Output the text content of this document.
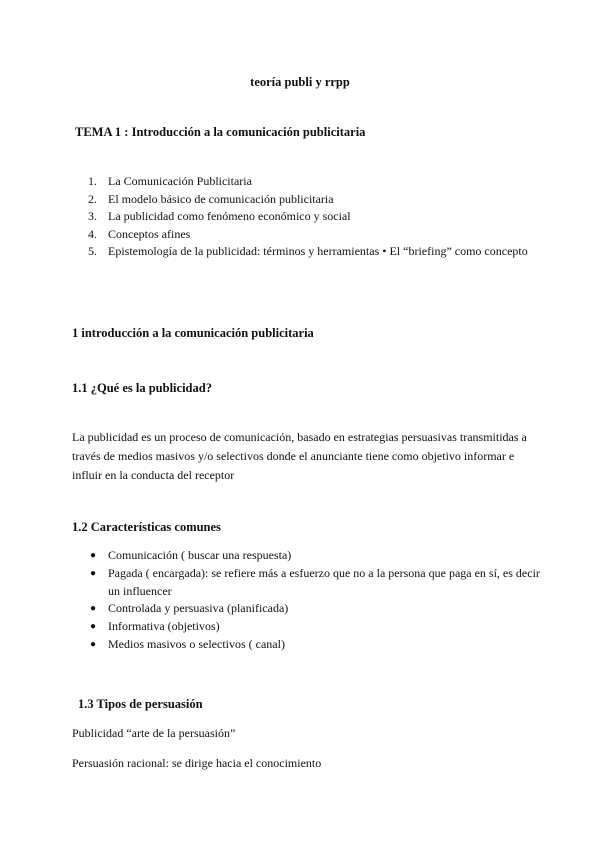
teoría publi y rrpp

TEMA 1 : Introducción a la comunicación publicitaria

1. La Comunicación Publicitaria
2. El modelo básico de comunicación publicitaria
3. La publicidad como fenómeno económico y social
4. Conceptos afines
5. Epistemología de la publicidad: términos y herramientas • El “briefing” como concepto

1 introducción a la comunicación publicitaria

1.1 ¿Qué es la publicidad?

La publicidad es un proceso de comunicación, basado en estrategias persuasivas transmitidas a través de medios masivos y/o selectivos donde el anunciante tiene como objetivo informar e influir en la conducta del receptor

1.2 Características comunes

● Comunicación ( buscar una respuesta)
● Pagada ( encargada): se refiere más a esfuerzo que no a la persona que paga en sí, es decir un influencer
● Controlada y persuasiva (planificada)
● Informativa (objetivos)
● Medios masivos o selectivos ( canal)

1.3 Tipos de persuasión

Publicidad “arte de la persuasión”

Persuasión racional: se dirige hacia el conocimiento
